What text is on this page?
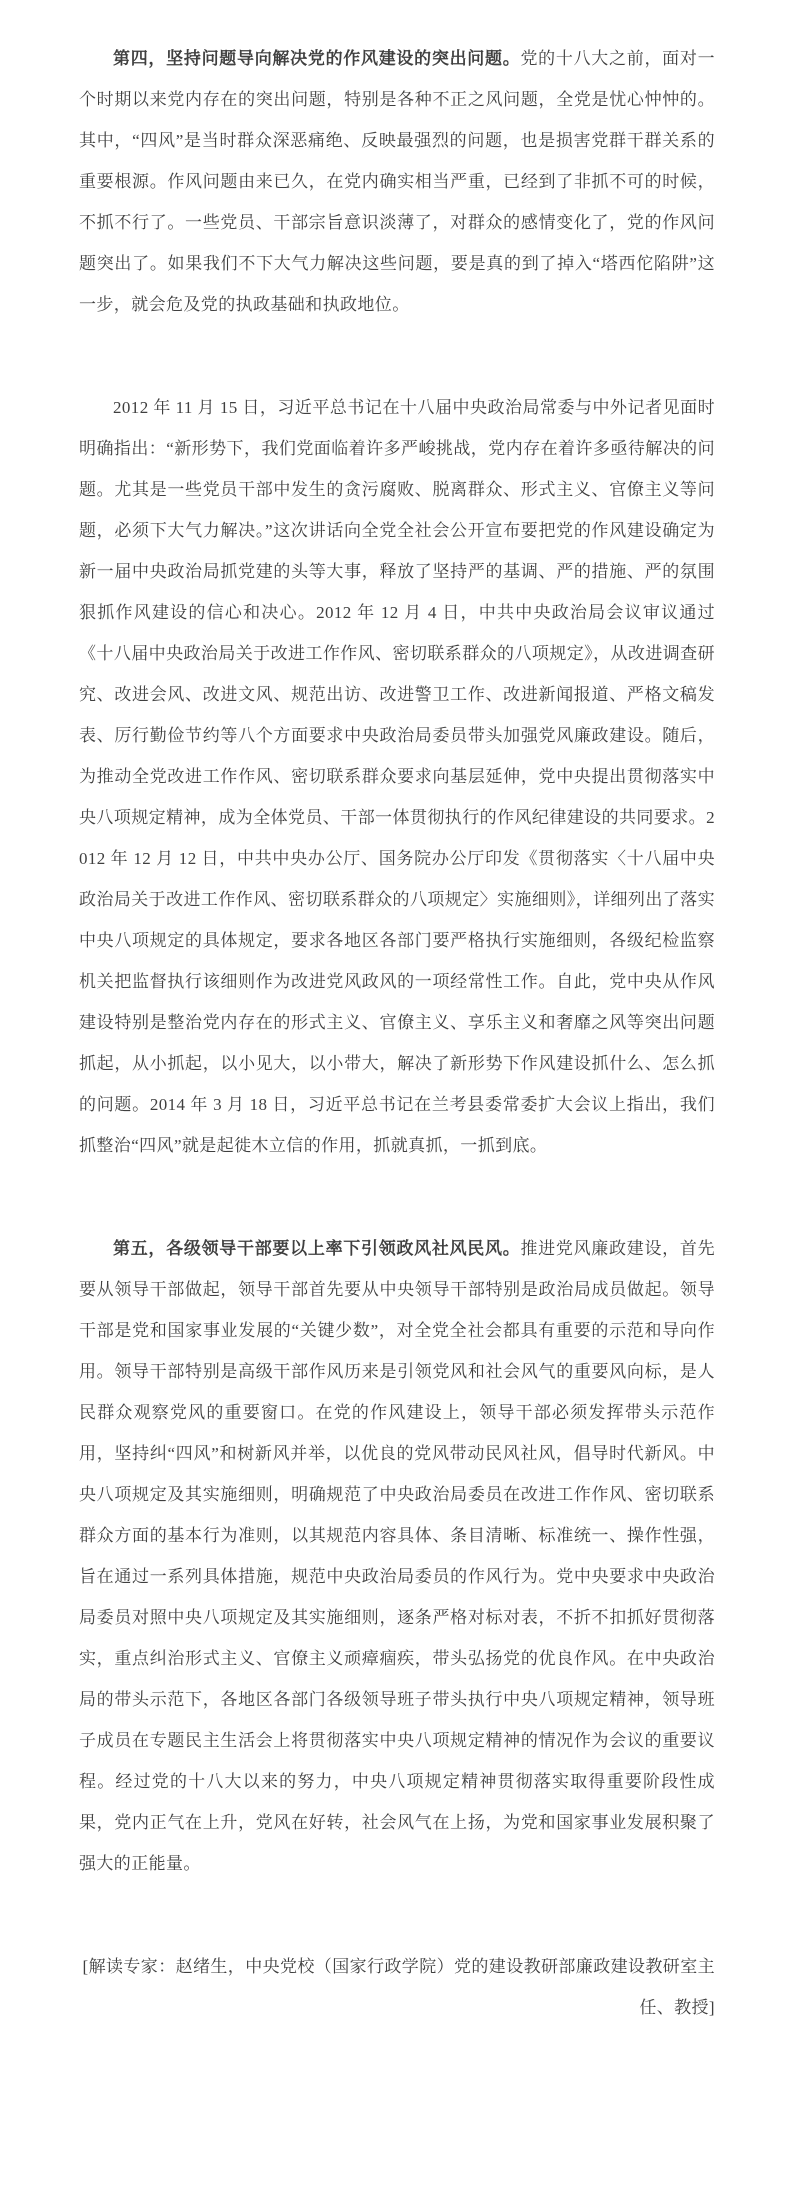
第四，坚持问题导向解决党的作风建设的突出问题。党的十八大之前，面对一个时期以来党内存在的突出问题，特别是各种不正之风问题，全党是忧心忡忡的。其中，“四风”是当时群众深恶痛绝、反映最强烈的问题，也是损害党群干群关系的重要根源。作风问题由来已久，在党内确实相当严重，已经到了非抓不可的时候，不抓不行了。一些党员、干部宗旨意识淡薄了，对群众的感情变化了，党的作风问题突出了。如果我们不下大气力解决这些问题，要是真的到了掉入“塔西佗陷阱”这一步，就会危及党的执政基础和执政地位。

2012 年 11 月 15 日，习近平总书记在十八届中央政治局常委与中外记者见面时明确指出：“新形势下，我们党面临着许多严峻挑战，党内存在着许多亟待解决的问题。尤其是一些党员干部中发生的贪污腐败、脱离群众、形式主义、官僚主义等问题，必须下大气力解决。”这次讲话向全党全社会公开宣布要把党的作风建设确定为新一届中央政治局抓党建的头等大事，释放了坚持严的基调、严的措施、严的氛围狠抓作风建设的信心和决心。2012 年 12 月 4 日，中共中央政治局会议审议通过《十八届中央政治局关于改进工作作风、密切联系群众的八项规定》，从改进调查研究、改进会风、改进文风、规范出访、改进警卫工作、改进新闻报道、严格文稿发表、厉行勤俭节约等八个方面要求中央政治局委员带头加强党风廉政建设。随后，为推动全党改进工作作风、密切联系群众要求向基层延伸，党中央提出贯彻落实中央八项规定精神，成为全体党员、干部一体贯彻执行的作风纪律建设的共同要求。2012 年 12 月 12 日，中共中央办公厅、国务院办公厅印发《贯彻落实〈十八届中央政治局关于改进工作作风、密切联系群众的八项规定〉实施细则》，详细列出了落实中央八项规定的具体规定，要求各地区各部门要严格执行实施细则，各级纪检监察机关把监督执行该细则作为改进党风政风的一项经常性工作。自此，党中央从作风建设特别是整治党内存在的形式主义、官僚主义、享乐主义和奢靡之风等突出问题抓起，从小抓起，以小见大，以小带大，解决了新形势下作风建设抓什么、怎么抓的问题。2014 年 3 月 18 日，习近平总书记在兰考县委常委扩大会议上指出，我们抓整治“四风”就是起徙木立信的作用，抓就真抓，一抓到底。

第五，各级领导干部要以上率下引领政风社风民风。推进党风廉政建设，首先要从领导干部做起，领导干部首先要从中央领导干部特别是政治局成员做起。领导干部是党和国家事业发展的“关键少数”，对全党全社会都具有重要的示范和导向作用。领导干部特别是高级干部作风历来是引领党风和社会风气的重要风向标，是人民群众观察党风的重要窗口。在党的作风建设上，领导干部必须发挥带头示范作用，坚持纠“四风”和树新风并举，以优良的党风带动民风社风，倡导时代新风。中央八项规定及其实施细则，明确规范了中央政治局委员在改进工作作风、密切联系群众方面的基本行为准则，以其规范内容具体、条目清晰、标准统一、操作性强，旨在通过一系列具体措施，规范中央政治局委员的作风行为。党中央要求中央政治局委员对照中央八项规定及其实施细则，逐条严格对标对表，不折不扣抓好贯彻落实，重点纠治形式主义、官僚主义顽瘴痼疾，带头弘扬党的优良作风。在中央政治局的带头示范下，各地区各部门各级领导班子带头执行中央八项规定精神，领导班子成员在专题民主生活会上将贯彻落实中央八项规定精神的情况作为会议的重要议程。经过党的十八大以来的努力，中央八项规定精神贯彻落实取得重要阶段性成果，党内正气在上升，党风在好转，社会风气在上扬，为党和国家事业发展积聚了强大的正能量。

[解读专家：赵绪生，中央党校（国家行政学院）党的建设教研部廉政建设教研室主任、教授]
